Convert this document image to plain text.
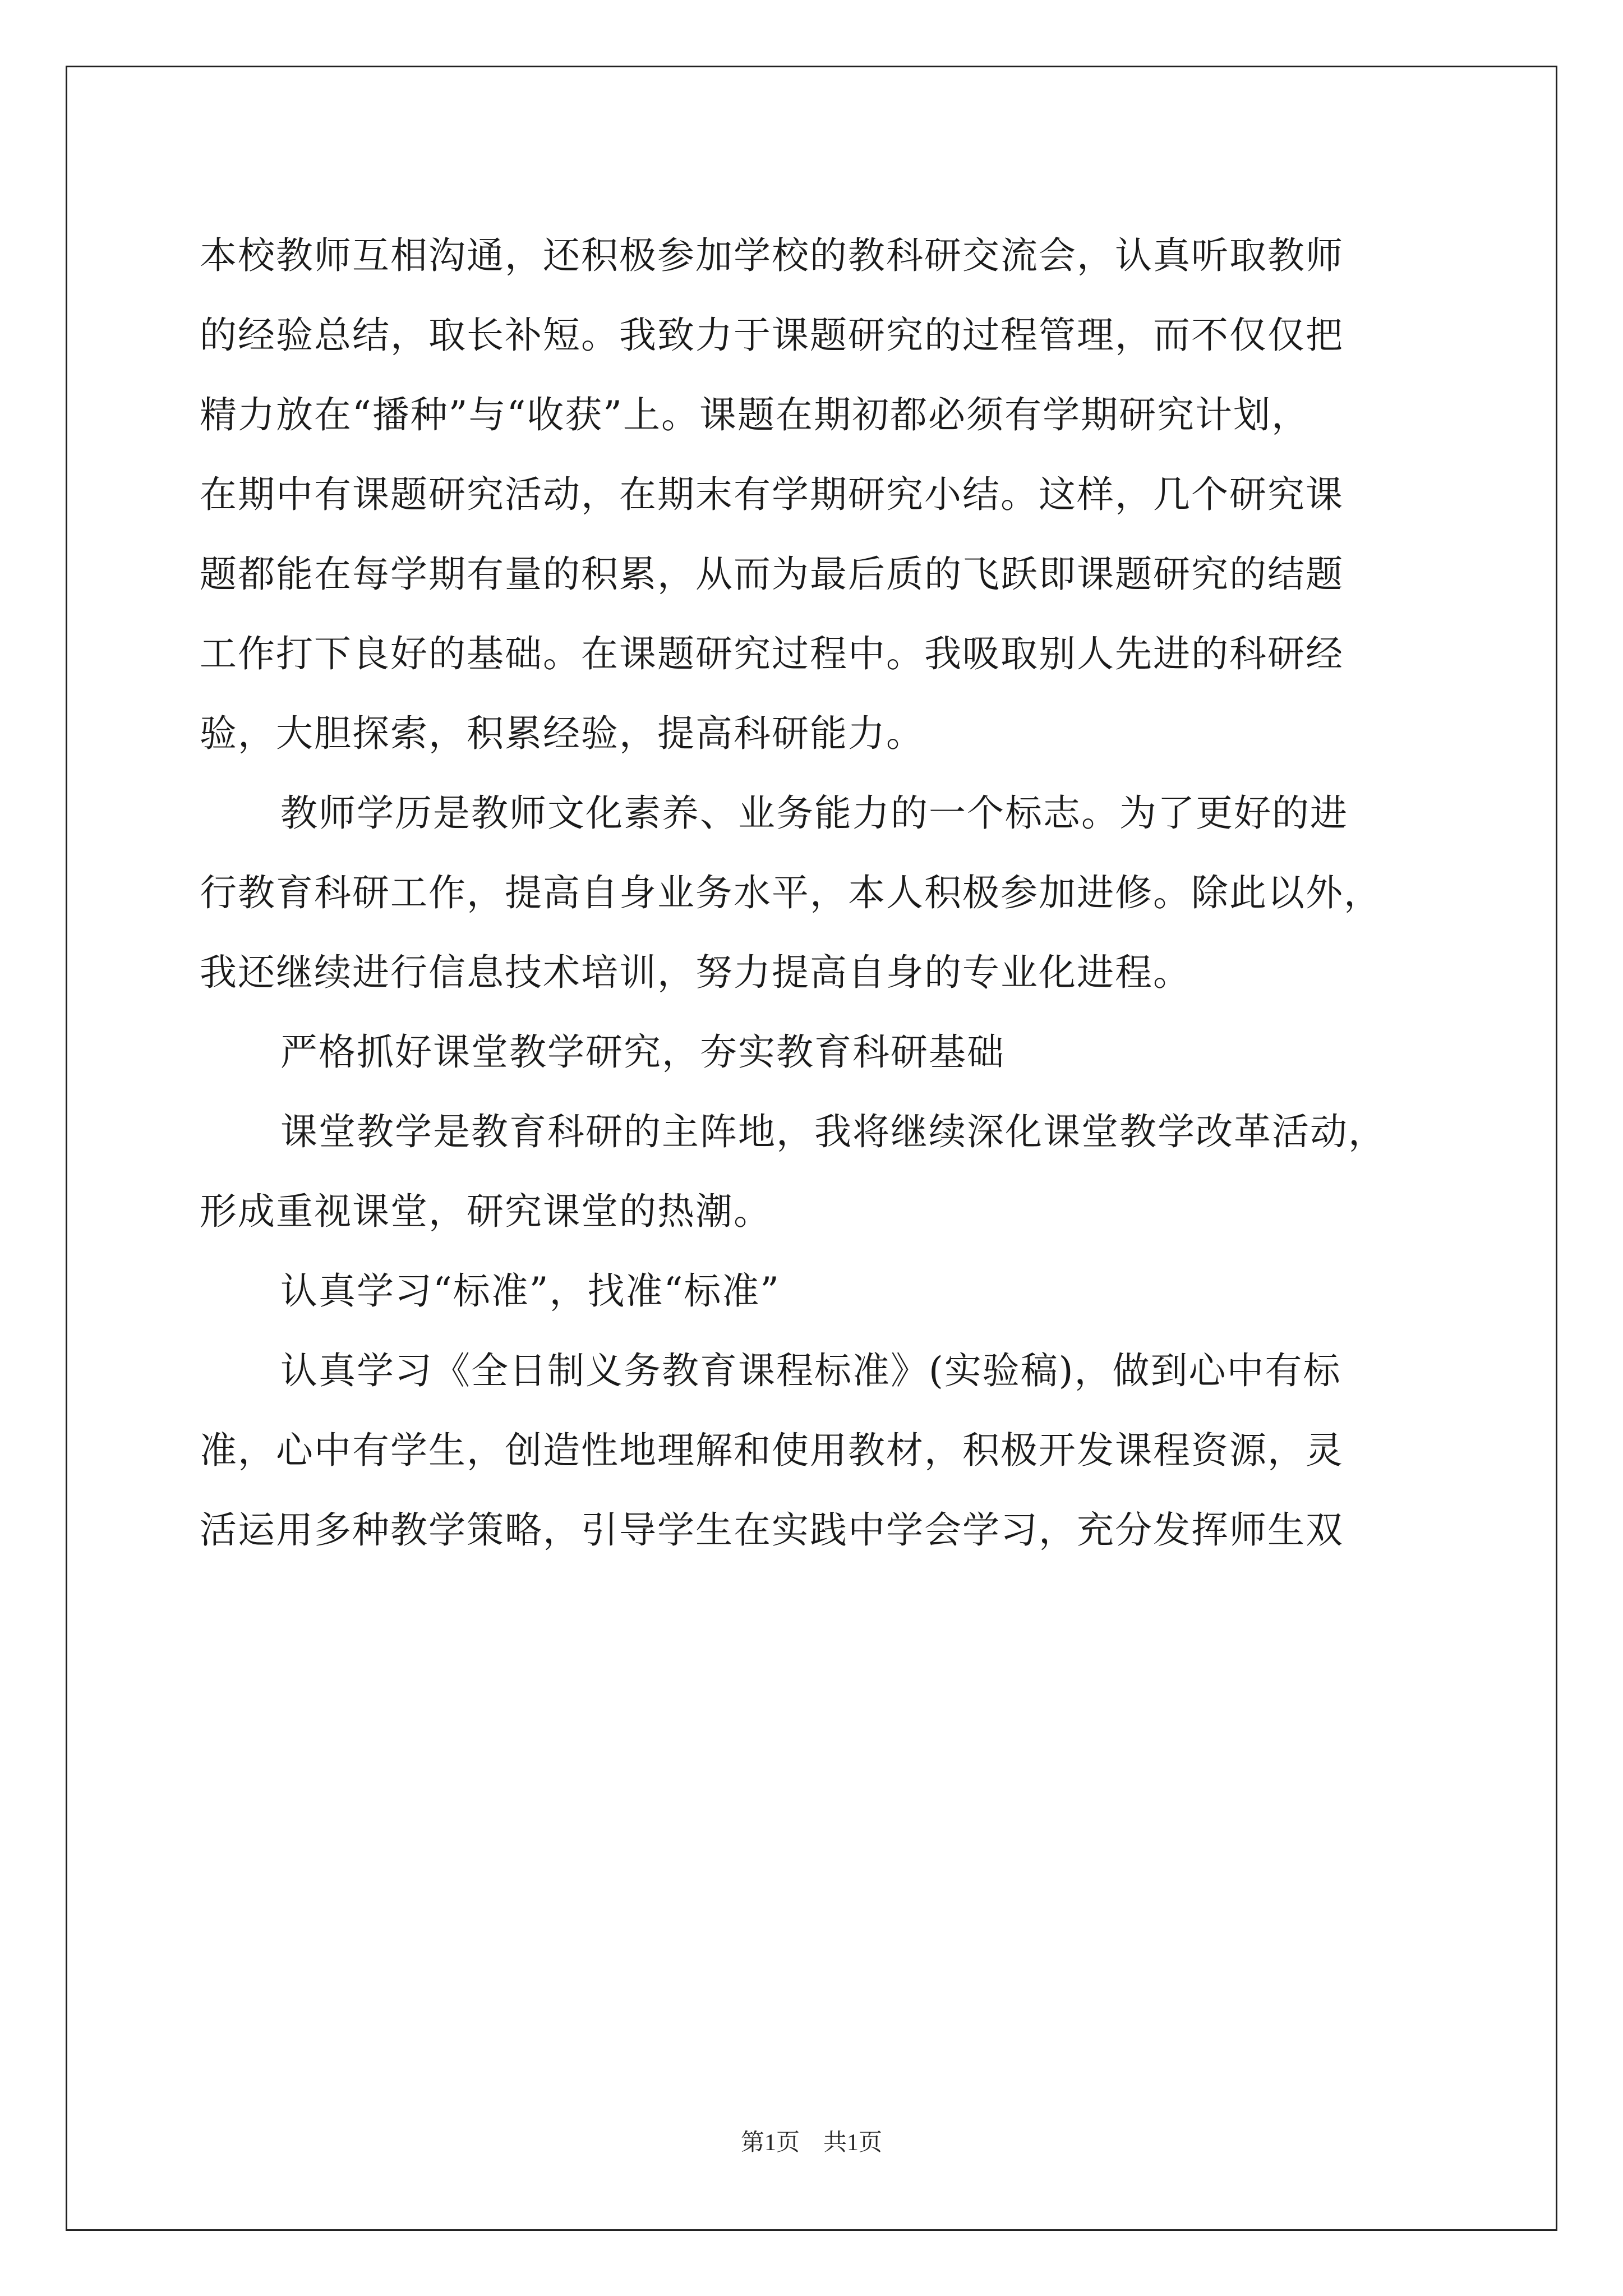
本校教师互相沟通，还积极参加学校的教科研交流会，认真听取教师
的经验总结，取长补短。我致力于课题研究的过程管理，而不仅仅把
精力放在“播种”与“收获”上。课题在期初都必须有学期研究计划，
在期中有课题研究活动，在期末有学期研究小结。这样，几个研究课
题都能在每学期有量的积累，从而为最后质的飞跃即课题研究的结题
工作打下良好的基础。在课题研究过程中。我吸取别人先进的科研经
验，大胆探索，积累经验，提高科研能力。
教师学历是教师文化素养、业务能力的一个标志。为了更好的进
行教育科研工作，提高自身业务水平，本人积极参加进修。除此以外，
我还继续进行信息技术培训，努力提高自身的专业化进程。
严格抓好课堂教学研究，夯实教育科研基础
课堂教学是教育科研的主阵地，我将继续深化课堂教学改革活动，
形成重视课堂，研究课堂的热潮。
认真学习“标准”，找准“标准”
认真学习《全日制义务教育课程标准》(实验稿)，做到心中有标
准，心中有学生，创造性地理解和使用教材，积极开发课程资源，灵
活运用多种教学策略，引导学生在实践中学会学习，充分发挥师生双
第1页　共1页
